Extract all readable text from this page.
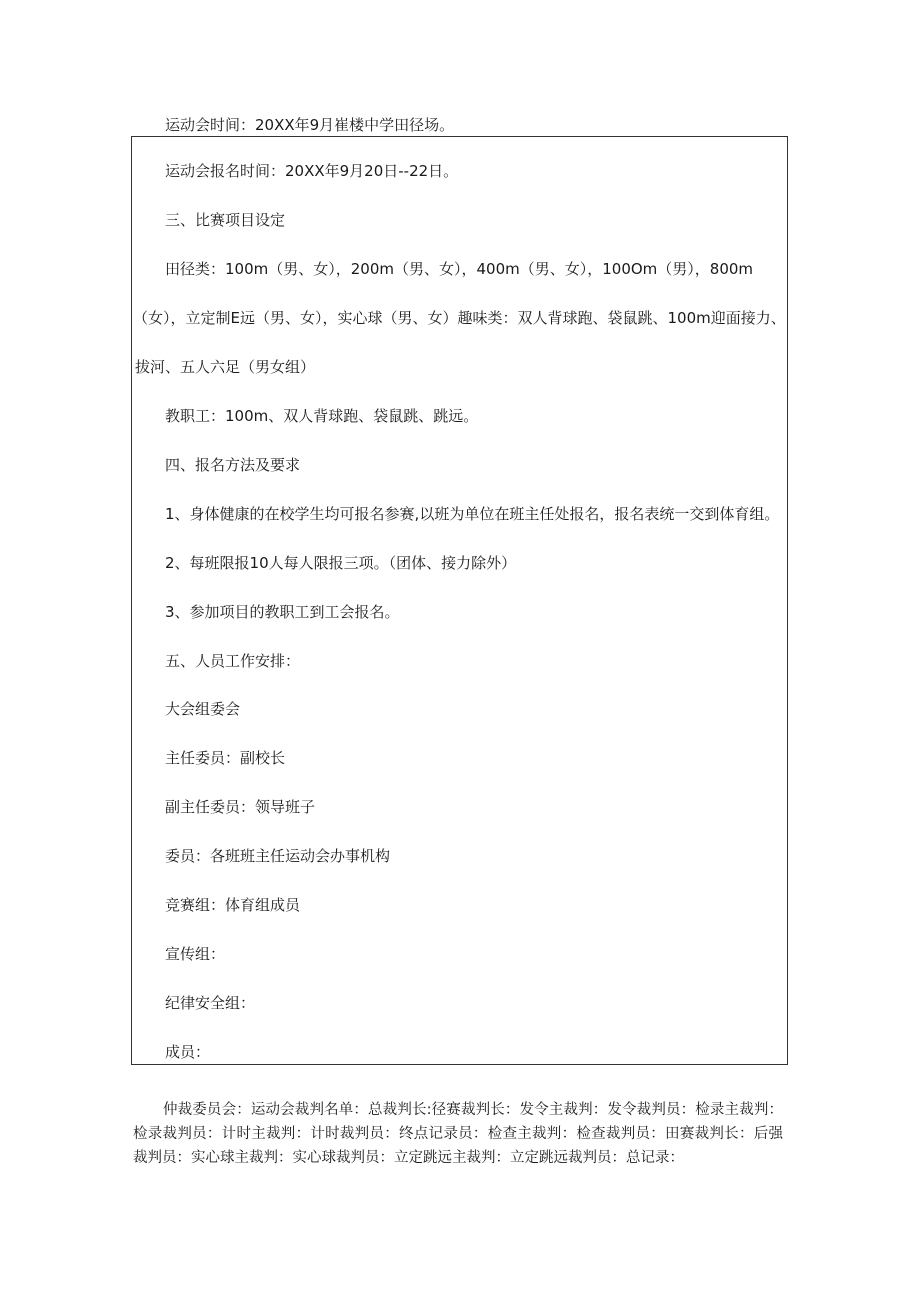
运动会时间：20XX年9月崔楼中学田径场。
运动会报名时间：20XX年9月20日--22日。
三、比赛项目设定
田径类：100m（男、女），200m（男、女），400m（男、女），100Om（男），800m
（女），立定制E远（男、女），实心球（男、女）趣味类：双人背球跑、袋鼠跳、100m迎面接力、
拔河、五人六足（男女组）
教职工：100m、双人背球跑、袋鼠跳、跳远。
四、报名方法及要求
1、身体健康的在校学生均可报名参赛,以班为单位在班主任处报名，报名表统一交到体育组。
2、每班限报10人每人限报三项。（团体、接力除外）
3、参加项目的教职工到工会报名。
五、人员工作安排：
大会组委会
主任委员：副校长
副主任委员：领导班子
委员：各班班主任运动会办事机构
竞赛组：体育组成员
宣传组：
纪律安全组：
成员：
仲裁委员会：运动会裁判名单：总裁判长:径赛裁判长：发令主裁判：发令裁判员：检录主裁判：检录裁判员：计时主裁判：计时裁判员：终点记录员：检查主裁判：检查裁判员：田赛裁判长：后强裁判员：实心球主裁判：实心球裁判员：立定跳远主裁判：立定跳远裁判员：总记录：
